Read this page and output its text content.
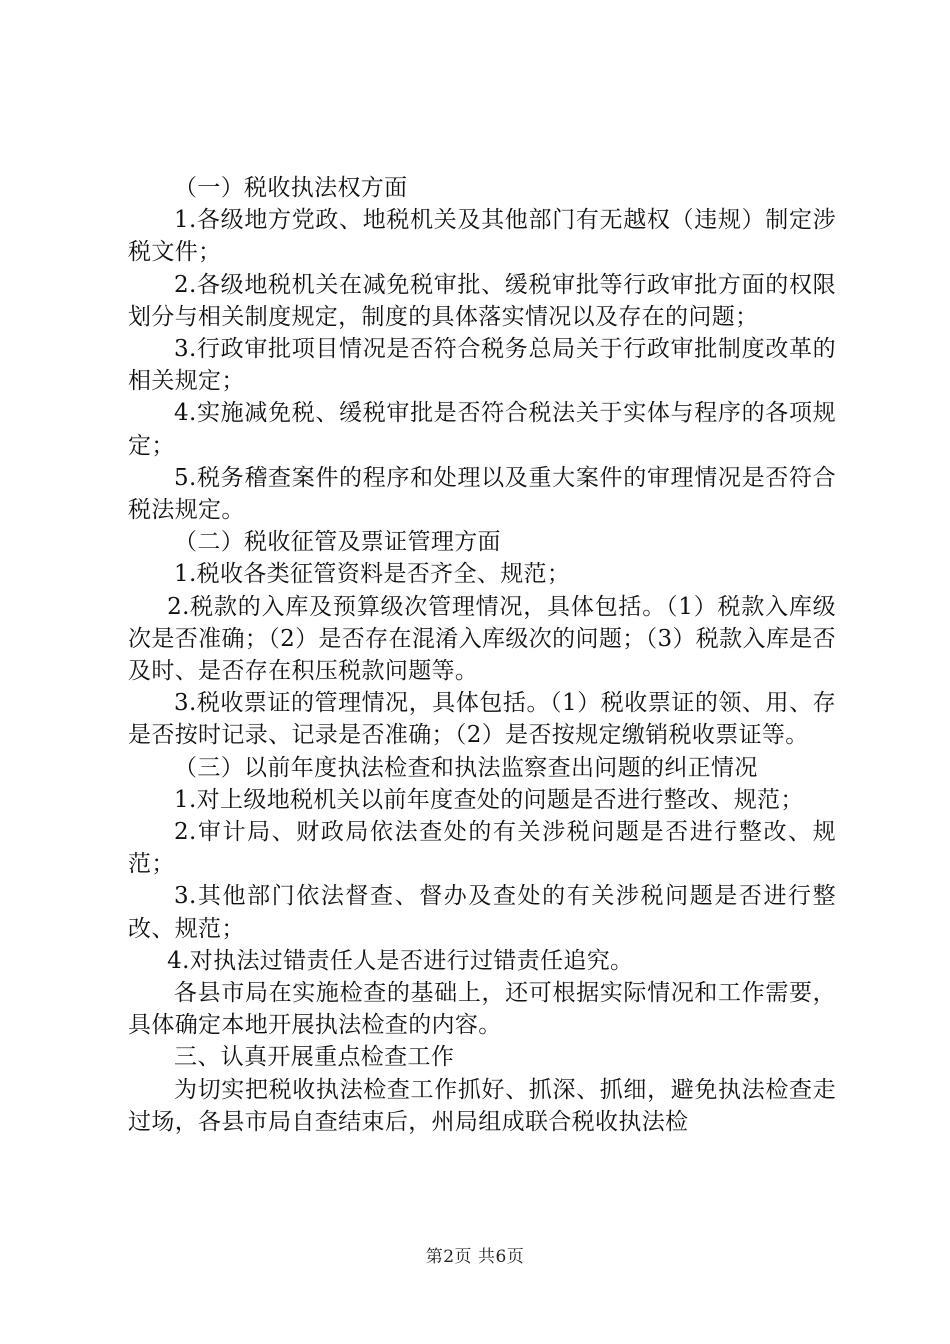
（一）税收执法权方面

1.各级地方党政、地税机关及其他部门有无越权（违规）制定涉税文件；

2.各级地税机关在减免税审批、缓税审批等行政审批方面的权限划分与相关制度规定，制度的具体落实情况以及存在的问题；

3.行政审批项目情况是否符合税务总局关于行政审批制度改革的相关规定；

4.实施减免税、缓税审批是否符合税法关于实体与程序的各项规定；

5.税务稽查案件的程序和处理以及重大案件的审理情况是否符合税法规定。

（二）税收征管及票证管理方面

1.税收各类征管资料是否齐全、规范；

2.税款的入库及预算级次管理情况，具体包括。（1）税款入库级次是否准确；（2）是否存在混淆入库级次的问题；（3）税款入库是否及时、是否存在积压税款问题等。

3.税收票证的管理情况，具体包括。（1）税收票证的领、用、存是否按时记录、记录是否准确；（2）是否按规定缴销税收票证等。

（三）以前年度执法检查和执法监察查出问题的纠正情况

1.对上级地税机关以前年度查处的问题是否进行整改、规范；

2.审计局、财政局依法查处的有关涉税问题是否进行整改、规范；

3.其他部门依法督查、督办及查处的有关涉税问题是否进行整改、规范；

4.对执法过错责任人是否进行过错责任追究。

各县市局在实施检查的基础上，还可根据实际情况和工作需要，具体确定本地开展执法检查的内容。

三、认真开展重点检查工作

为切实把税收执法检查工作抓好、抓深、抓细，避免执法检查走过场，各县市局自查结束后，州局组成联合税收执法检

第2页 共6页
